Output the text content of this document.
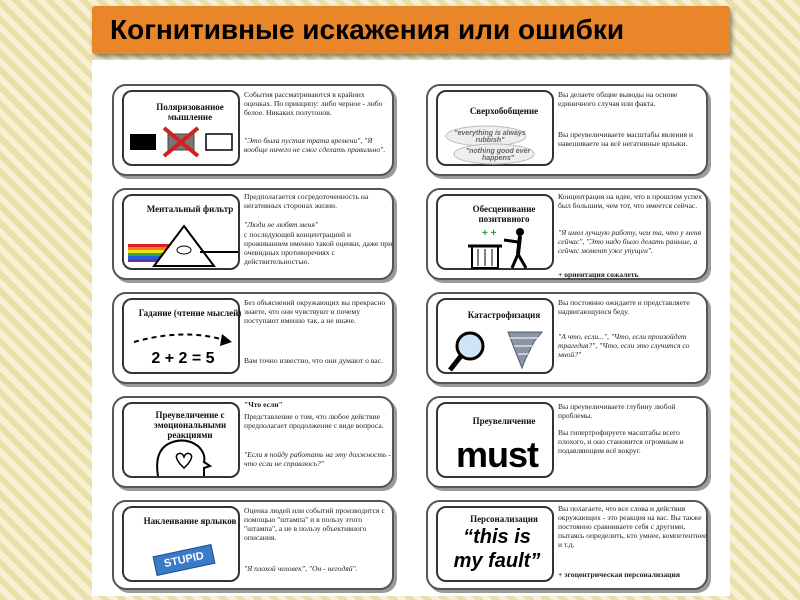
Когнитивные искажения или ошибки
Поляризованное мышление
События рассматриваются в крайних оценках. По принципу: либо черное - либо белое. Никаких полутонов.
"Это была пустая трата времени", "Я вообще ничего не смог сделать правильно".
Сверхобобщение
"everything is always rubbish"
"nothing good ever happens"
Вы делаете общие выводы на основе единичного случая или факта.
Вы преувеличиваете масштабы явления и навешиваете на всё негативные ярлыки.
Ментальный фильтр
Предполагается сосредоточенность на негативных сторонах жизни.
"Люди не любят меня"
с последующей концентрацией и проживанием именно такой оценки, даже при очевидных противоречиях с действительностью.
Обесценивание позитивного
+ +
Концентрация на идее, что в прошлом успех был большим, чем тот, что имеется сейчас.
"Я имел лучшую работу, чем та, что у меня сейчас", "Это надо было делать раньше, а сейчас момент уже упущен".
+ ориентация сожалеть
Гадание (чтение мыслей)
2 + 2 = 5
Без объяснений окружающих вы прекрасно знаете, что они чувствуют и почему поступают именно так, а не иначе.
Вам точно известно, что они думают о вас.
Катастрофизация
Вы постоянно ожидаете и представляете надвигающуюся беду.
"А что, если...", "Что, если произойдет трагедия?", "Что, если это случится со мной?"
Преувеличение с эмоциональными реакциями
"Что если"
Представление о том, что любое действие предполагает продолжение с виде вопроса.
"Если я пойду работать на эту должность - что если не справлюсь?"
Преувеличение
must
Вы преувеличиваете глубину любой проблемы.
Вы гипертрофируете масштабы всего плохого, и оно становится огромным и подавляющим всё вокруг.
Наклеивание ярлыков
STUPID
Оценка людей или событий производится с помощью "штампа" и в пользу этого "штампа", а не в пользу объективного описания.
"Я плохой человек", "Он - негодяй".
Персонализация
“this is
my fault”
Вы полагаете, что все слова и действия окружающих - это реакция на вас. Вы также постоянно сравниваете себя с другими, пытаясь определить, кто умнее, компетентнее и т.д.
+ эгоцентрическая персонализация
